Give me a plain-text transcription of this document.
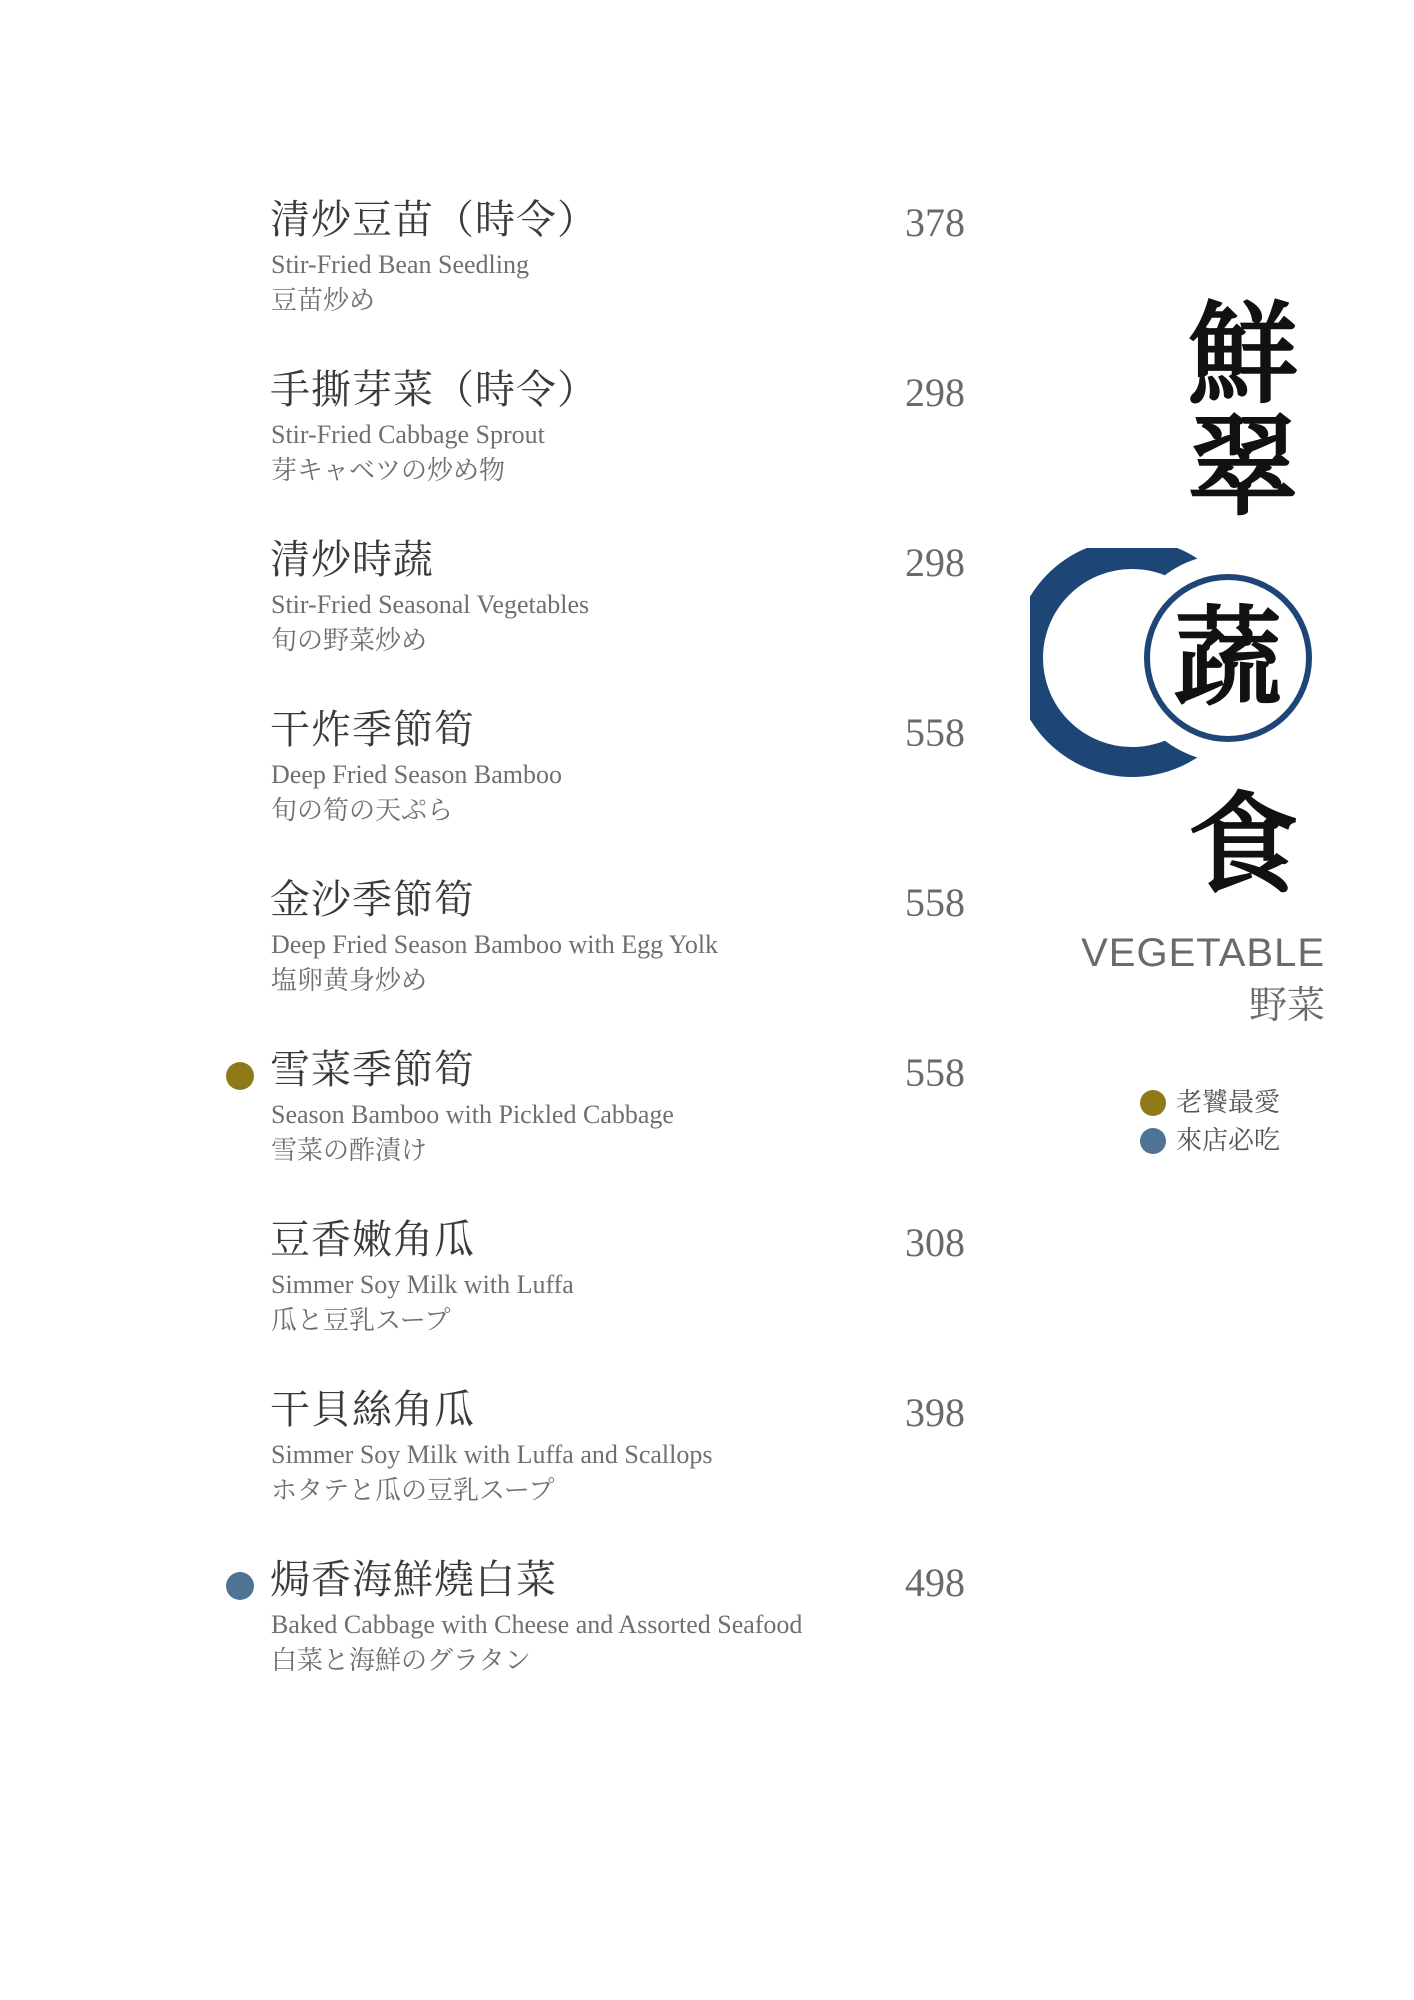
清炒豆苗（時令）
Stir-Fried Bean Seedling
豆苗炒め
378
手撕芽菜（時令）
Stir-Fried Cabbage Sprout
芽キャベツの炒め物
298
清炒時蔬
Stir-Fried Seasonal Vegetables
旬の野菜炒め
298
干炸季節筍
Deep Fried Season Bamboo
旬の筍の天ぷら
558
金沙季節筍
Deep Fried Season Bamboo with Egg Yolk
塩卵黄身炒め
558
雪菜季節筍
Season Bamboo with Pickled Cabbage
雪菜の酢漬け
558
豆香嫩角瓜
Simmer Soy Milk with Luffa
瓜と豆乳スープ
308
干貝絲角瓜
Simmer Soy Milk with Luffa and Scallops
ホタテと瓜の豆乳スープ
398
焗香海鮮燒白菜
Baked Cabbage with Cheese and Assorted Seafood
白菜と海鮮のグラタン
498
鮮
翠
蔬
食
VEGETABLE
野菜
老饕最愛
來店必吃
